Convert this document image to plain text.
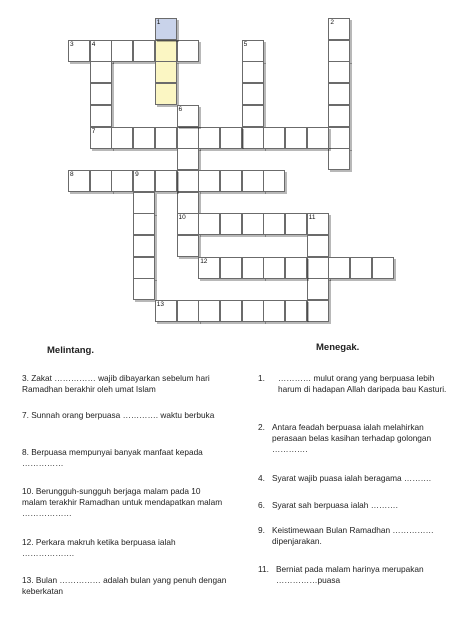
3	4
1
7
5
2
6
10
8	9
11
12
13
Melintang.	Menegak.
3. Zakat …………… wajib dibayarkan sebelum hari Ramadhan berakhir oleh umat Islam
7. Sunnah orang berpuasa …………. waktu berbuka
8. Berpuasa mempunyai banyak manfaat kepada ……………
10. Berungguh-sungguh berjaga malam pada 10 malam terakhir Ramadhan untuk mendapatkan malam ………………
12. Perkara makruh ketika berpuasa ialah ……………….
13. Bulan …………… adalah bulan yang penuh dengan keberkatan
1.	………… mulut orang yang berpuasa lebih harum di hadapan Allah daripada bau Kasturi.
2. Antara feadah berpuasa ialah melahirkan perasaan belas kasihan terhadap golongan ………….
4. Syarat wajib puasa ialah beragama ……….
6. Syarat sah berpuasa ialah ……….
9. Keistimewaan Bulan Ramadhan ……………dipenjarakan.
11. Berniat pada malam harinya merupakan ……………puasa
